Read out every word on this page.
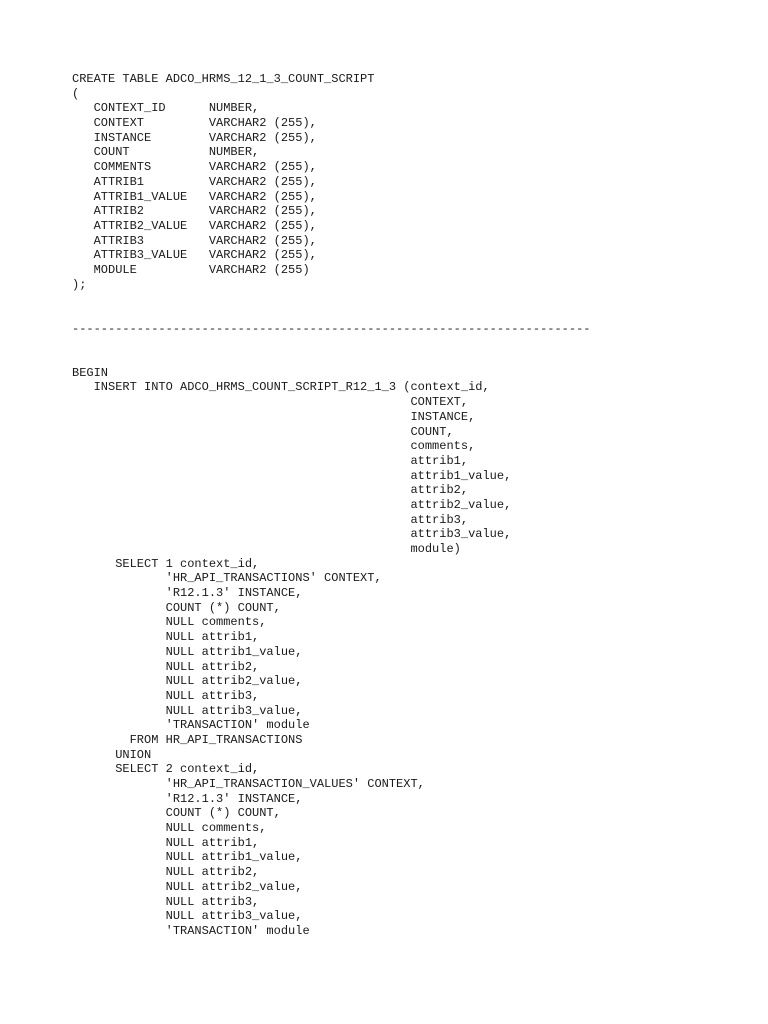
CREATE TABLE ADCO_HRMS_12_1_3_COUNT_SCRIPT
(
CONTEXT_ID      NUMBER,
CONTEXT         VARCHAR2 (255),
INSTANCE        VARCHAR2 (255),
COUNT           NUMBER,
COMMENTS        VARCHAR2 (255),
ATTRIB1         VARCHAR2 (255),
ATTRIB1_VALUE   VARCHAR2 (255),
ATTRIB2         VARCHAR2 (255),
ATTRIB2_VALUE   VARCHAR2 (255),
ATTRIB3         VARCHAR2 (255),
ATTRIB3_VALUE   VARCHAR2 (255),
MODULE          VARCHAR2 (255)
);
------------------------------------------------------------------------
BEGIN
INSERT INTO ADCO_HRMS_COUNT_SCRIPT_R12_1_3 (context_id,
CONTEXT,
INSTANCE,
COUNT,
comments,
attrib1,
attrib1_value,
attrib2,
attrib2_value,
attrib3,
attrib3_value,
module)
SELECT 1 context_id,
'HR_API_TRANSACTIONS' CONTEXT,
'R12.1.3' INSTANCE,
COUNT (*) COUNT,
NULL comments,
NULL attrib1,
NULL attrib1_value,
NULL attrib2,
NULL attrib2_value,
NULL attrib3,
NULL attrib3_value,
'TRANSACTION' module
FROM HR_API_TRANSACTIONS
UNION
SELECT 2 context_id,
'HR_API_TRANSACTION_VALUES' CONTEXT,
'R12.1.3' INSTANCE,
COUNT (*) COUNT,
NULL comments,
NULL attrib1,
NULL attrib1_value,
NULL attrib2,
NULL attrib2_value,
NULL attrib3,
NULL attrib3_value,
'TRANSACTION' module
